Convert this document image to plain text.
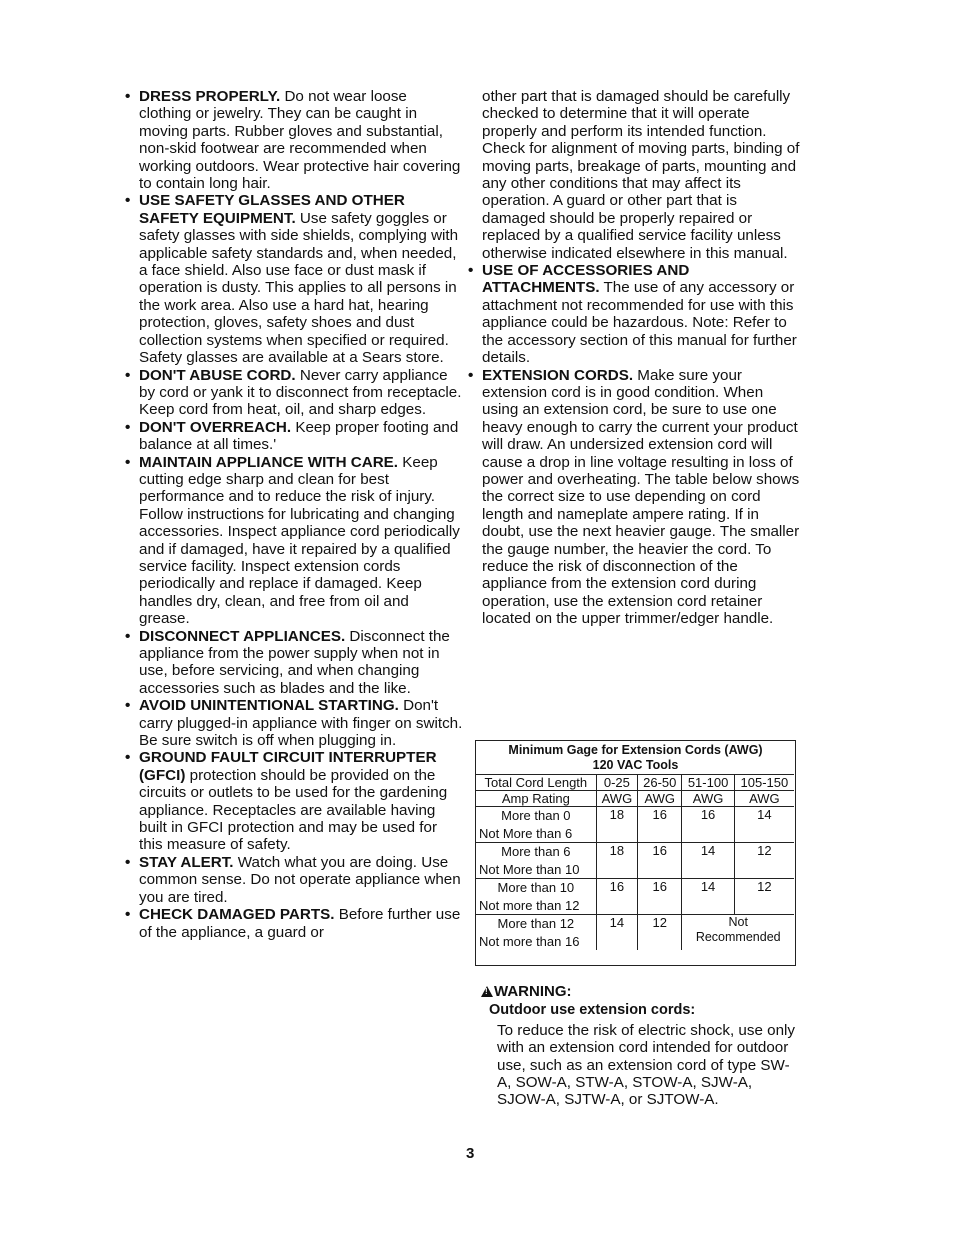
• DRESS PROPERLY. Do not wear loose clothing or jewelry. They can be caught in moving parts. Rubber gloves and substantial, non-skid footwear are recommended when working outdoors. Wear protective hair covering to contain long hair.
• USE SAFETY GLASSES AND OTHER SAFETY EQUIPMENT. Use safety goggles or safety glasses with side shields, complying with applicable safety standards and, when needed, a face shield. Also use face or dust mask if operation is dusty. This applies to all persons in the work area. Also use a hard hat, hearing protection, gloves, safety shoes and dust collection systems when specified or required. Safety glasses are available at a Sears store.
• DON'T ABUSE CORD. Never carry appliance by cord or yank it to disconnect from receptacle. Keep cord from heat, oil, and sharp edges.
• DON'T OVERREACH. Keep proper footing and balance at all times.'
• MAINTAIN APPLIANCE WITH CARE. Keep cutting edge sharp and clean for best performance and to reduce the risk of injury. Follow instructions for lubricating and changing accessories. Inspect appliance cord periodically and if damaged, have it repaired by a qualified service facility. Inspect extension cords periodically and replace if damaged. Keep handles dry, clean, and free from oil and grease.
• DISCONNECT APPLIANCES. Disconnect the appliance from the power supply when not in use, before servicing, and when changing accessories such as blades and the like.
• AVOID UNINTENTIONAL STARTING. Don't carry plugged-in appliance with finger on switch. Be sure switch is off when plugging in.
• GROUND FAULT CIRCUIT INTERRUPTER (GFCI) protection should be provided on the circuits or outlets to be used for the gardening appliance. Receptacles are available having built in GFCI protection and may be used for this measure of safety.
• STAY ALERT. Watch what you are doing. Use common sense. Do not operate appliance when you are tired.
• CHECK DAMAGED PARTS. Before further use of the appliance, a guard or
other part that is damaged should be carefully checked to determine that it will operate properly and perform its intended function. Check for alignment of moving parts, binding of moving parts, breakage of parts, mounting and any other conditions that may affect its operation. A guard or other part that is damaged should be properly repaired or replaced by a qualified service facility unless otherwise indicated elsewhere in this manual.
• USE OF ACCESSORIES AND ATTACHMENTS. The use of any accessory or attachment not recommended for use with this appliance could be hazardous. Note: Refer to the accessory section of this manual for further details.
• EXTENSION CORDS. Make sure your extension cord is in good condition. When using an extension cord, be sure to use one heavy enough to carry the current your product will draw. An undersized extension cord will cause a drop in line voltage resulting in loss of power and overheating. The table below shows the correct size to use depending on cord length and nameplate ampere rating. If in doubt, use the next heavier gauge. The smaller the gauge number, the heavier the cord. To reduce the risk of disconnection of the appliance from the extension cord during operation, use the extension cord retainer located on the upper trimmer/edger handle.
Minimum Gage for Extension Cords (AWG)
120 VAC Tools
Total Cord Length	0-25	26-50	51-100	105-150
Amp Rating	AWG	AWG	AWG	AWG

More than 0
Not More than 6	18	16	16	14

More than 6
Not More than 10	18	16	14	12

More than 10
Not more than 12	16	16	14	12

More than 12
Not more than 16	14	12	Not
Recommended	
!WARNING:
Outdoor use extension cords:
To reduce the risk of electric shock, use only with an extension cord intended for outdoor use, such as an extension cord of type SW-A, SOW-A, STW-A, STOW-A, SJW-A, SJOW-A, SJTW-A, or SJTOW-A.
3
